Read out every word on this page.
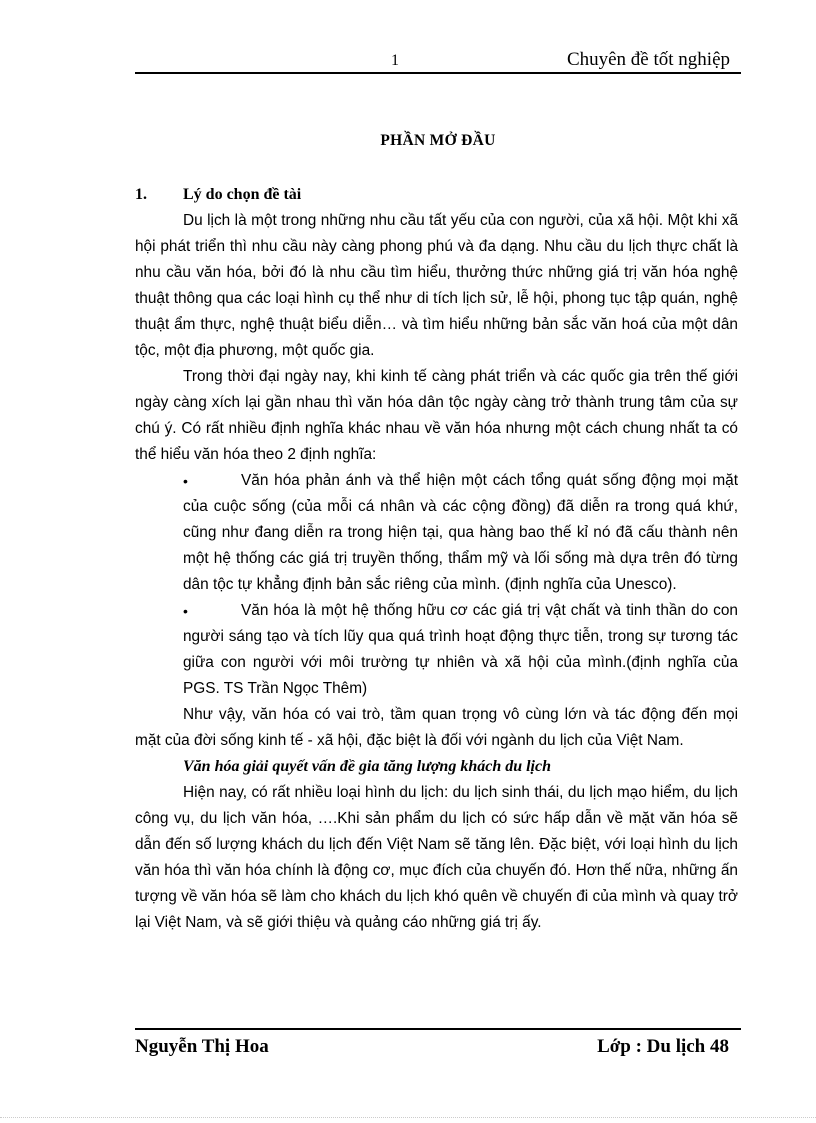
1	Chuyên đề tốt nghiệp
PHẦN MỞ ĐẦU

1. Lý do chọn đề tài

Du lịch là một trong những nhu cầu tất yếu của con người, của xã hội. Một khi xã hội phát triển thì nhu cầu này càng phong phú và đa dạng. Nhu cầu du lịch thực chất là nhu cầu văn hóa, bởi đó là nhu cầu tìm hiểu, thưởng thức những giá trị văn hóa nghệ thuật thông qua các loại hình cụ thể như di tích lịch sử, lễ hội, phong tục tập quán, nghệ thuật ẩm thực, nghệ thuật biểu diễn… và tìm hiểu những bản sắc văn hoá của một dân tộc, một địa phương, một quốc gia.

Trong thời đại ngày nay, khi kinh tế càng phát triển và các quốc gia trên thế giới ngày càng xích lại gần nhau thì văn hóa dân tộc ngày càng trở thành trung tâm của sự chú ý. Có rất nhiều định nghĩa khác nhau về văn hóa nhưng một cách chung nhất ta có thể hiểu văn hóa theo 2 định nghĩa:

•	Văn hóa phản ánh và thể hiện một cách tổng quát sống động mọi mặt của cuộc sống (của mỗi cá nhân và các cộng đồng) đã diễn ra trong quá khứ, cũng như đang diễn ra trong hiện tại, qua hàng bao thế kỉ nó đã cấu thành nên một hệ thống các giá trị truyền thống, thẩm mỹ và lối sống mà dựa trên đó từng dân tộc tự khẳng định bản sắc riêng của mình. (định nghĩa của Unesco).

•	Văn hóa là một hệ thống hữu cơ các giá trị vật chất và tinh thần do con người sáng tạo và tích lũy qua quá trình hoạt động thực tiễn, trong sự tương tác giữa con người với môi trường tự nhiên và xã hội của mình.(định nghĩa của PGS. TS Trần Ngọc Thêm)

Như vậy, văn hóa có vai trò, tầm quan trọng vô cùng lớn và tác động đến mọi mặt của đời sống kinh tế - xã hội, đặc biệt là đối với ngành du lịch của Việt Nam.

Văn hóa giải quyết vấn đề gia tăng lượng khách du lịch

Hiện nay, có rất nhiều loại hình du lịch: du lịch sinh thái, du lịch mạo hiểm, du lịch công vụ, du lịch văn hóa, ….Khi sản phẩm du lịch có sức hấp dẫn về mặt văn hóa sẽ dẫn đến số lượng khách du lịch đến Việt Nam sẽ tăng lên. Đặc biệt, với loại hình du lịch văn hóa thì văn hóa chính là động cơ, mục đích của chuyến đó. Hơn thế nữa, những ấn tượng về văn hóa sẽ làm cho khách du lịch khó quên về chuyến đi của mình và quay trở lại Việt Nam, và sẽ giới thiệu và quảng cáo những giá trị ấy.

Nguyễn Thị Hoa	Lớp : Du lịch 48
